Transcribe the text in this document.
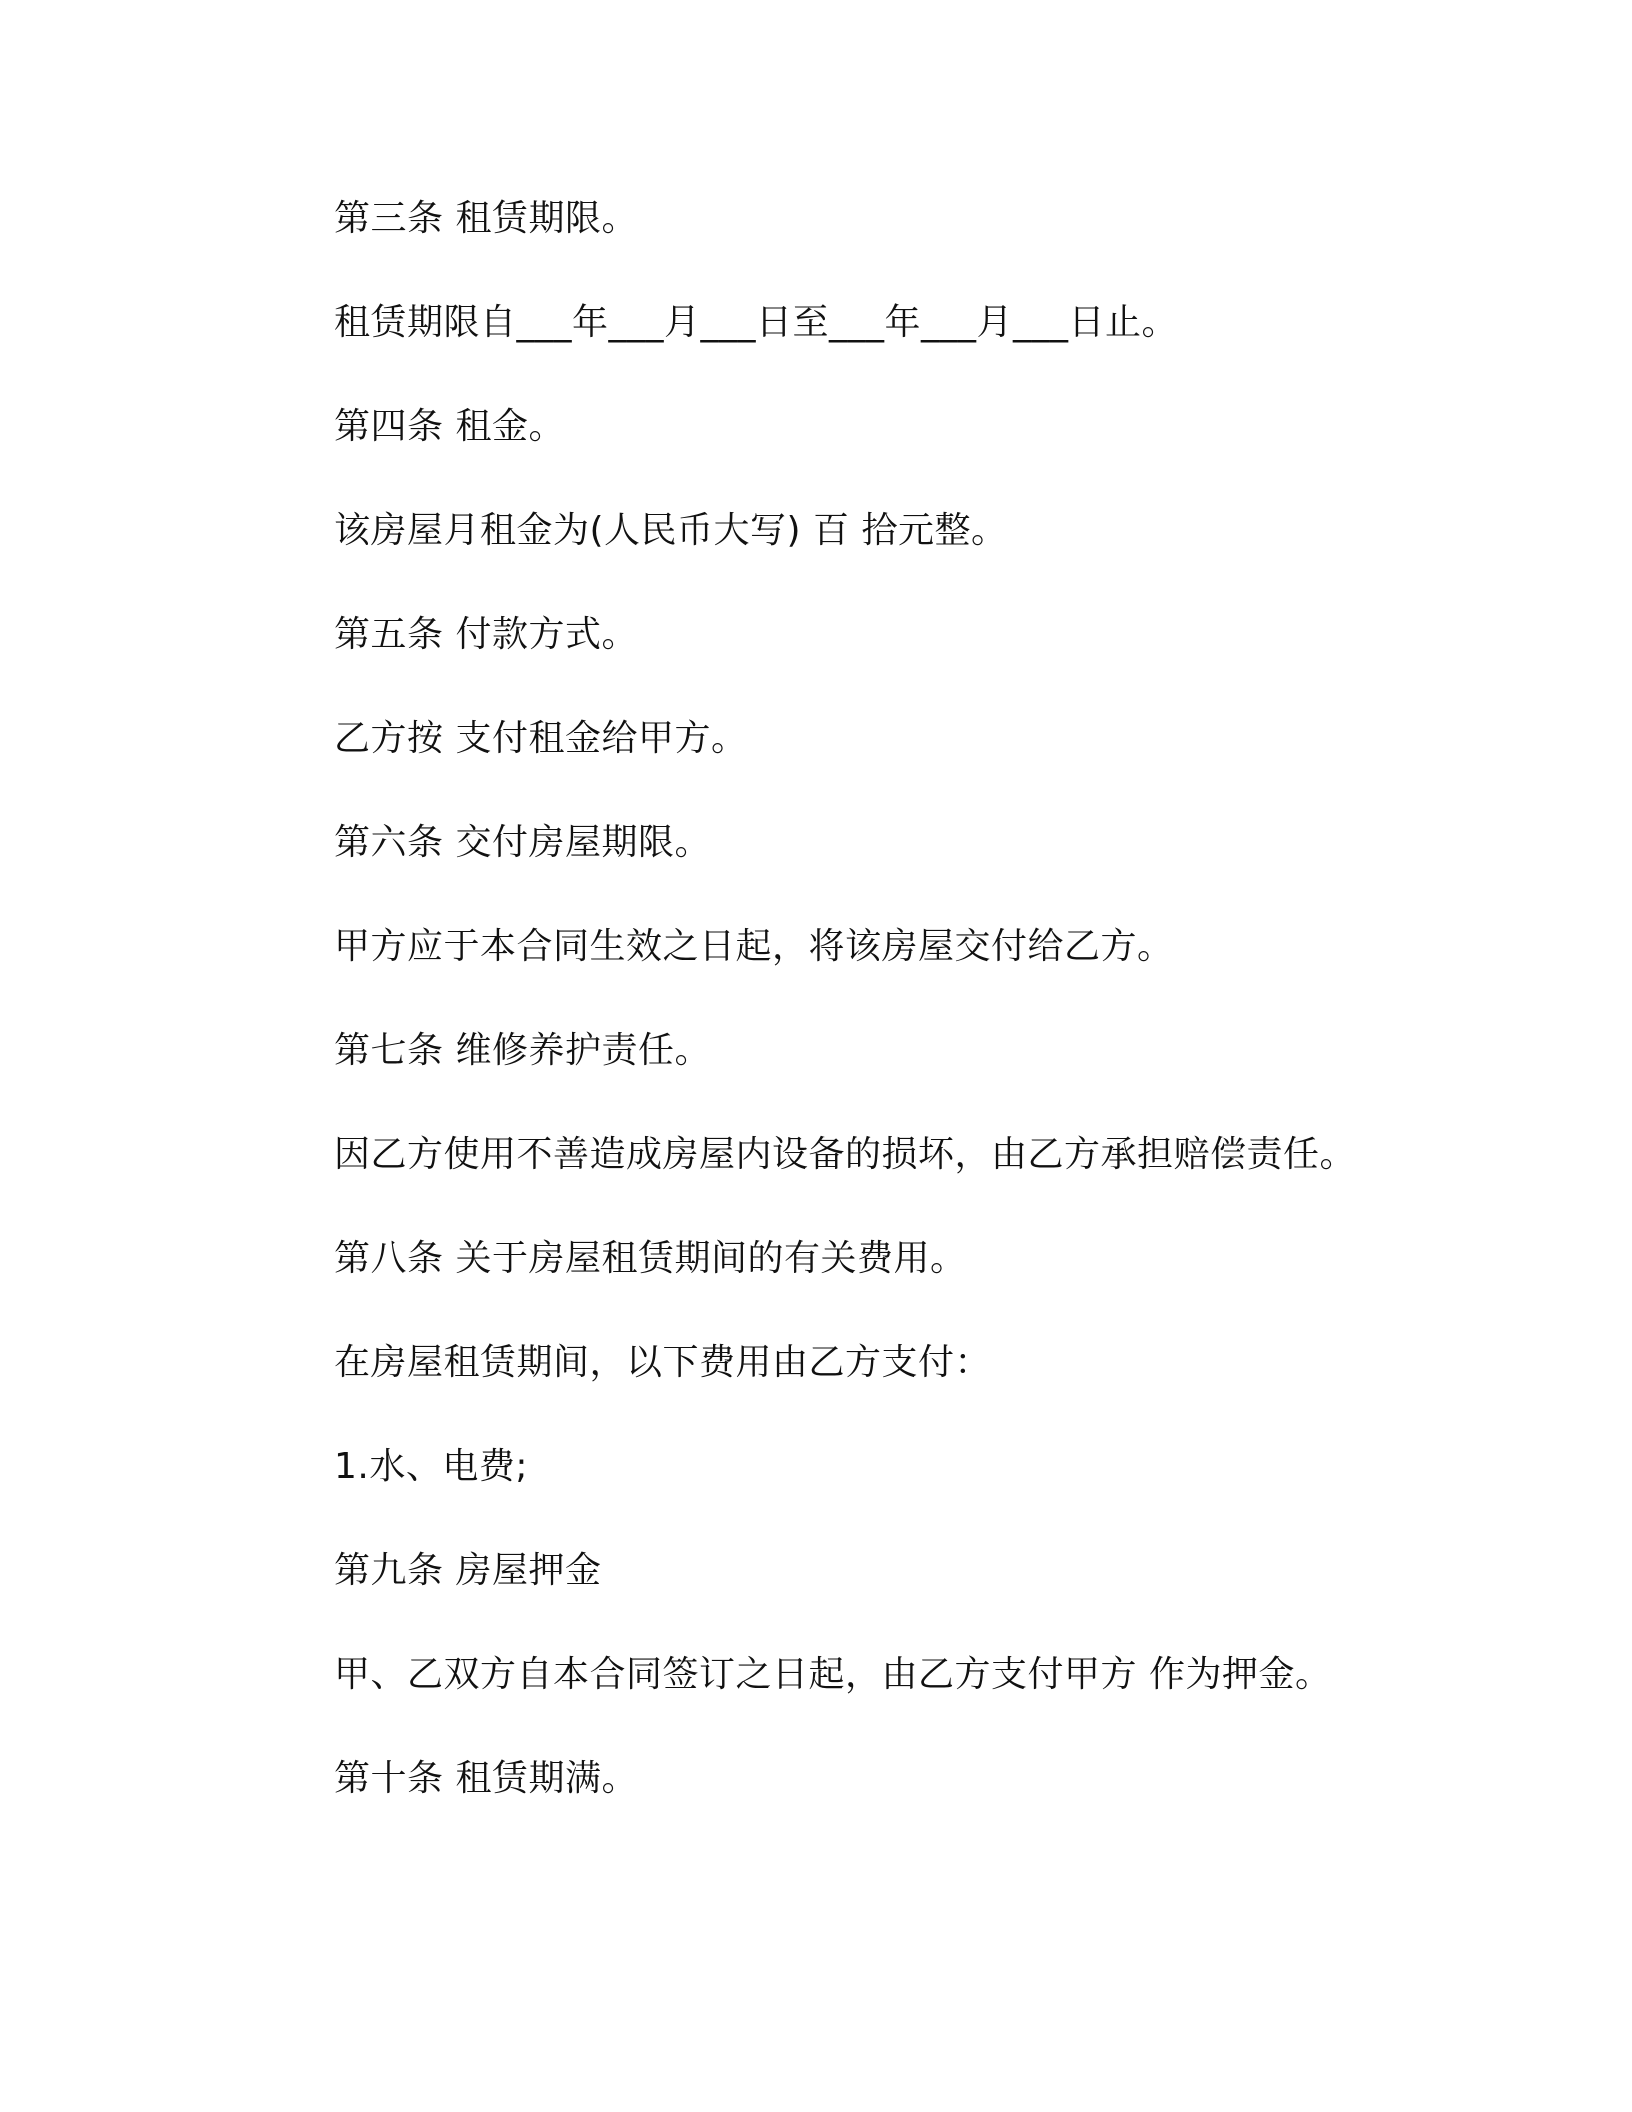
第三条 租赁期限。
租赁期限自___年___月___日至___年___月___日止。
第四条 租金。
该房屋月租金为(人民币大写) 百 拾元整。
第五条 付款方式。
乙方按 支付租金给甲方。
第六条 交付房屋期限。
甲方应于本合同生效之日起，将该房屋交付给乙方。
第七条 维修养护责任。
因乙方使用不善造成房屋内设备的损坏，由乙方承担赔偿责任。
第八条 关于房屋租赁期间的有关费用。
在房屋租赁期间，以下费用由乙方支付：
1.水、电费;
第九条 房屋押金
甲、乙双方自本合同签订之日起，由乙方支付甲方 作为押金。
第十条 租赁期满。
